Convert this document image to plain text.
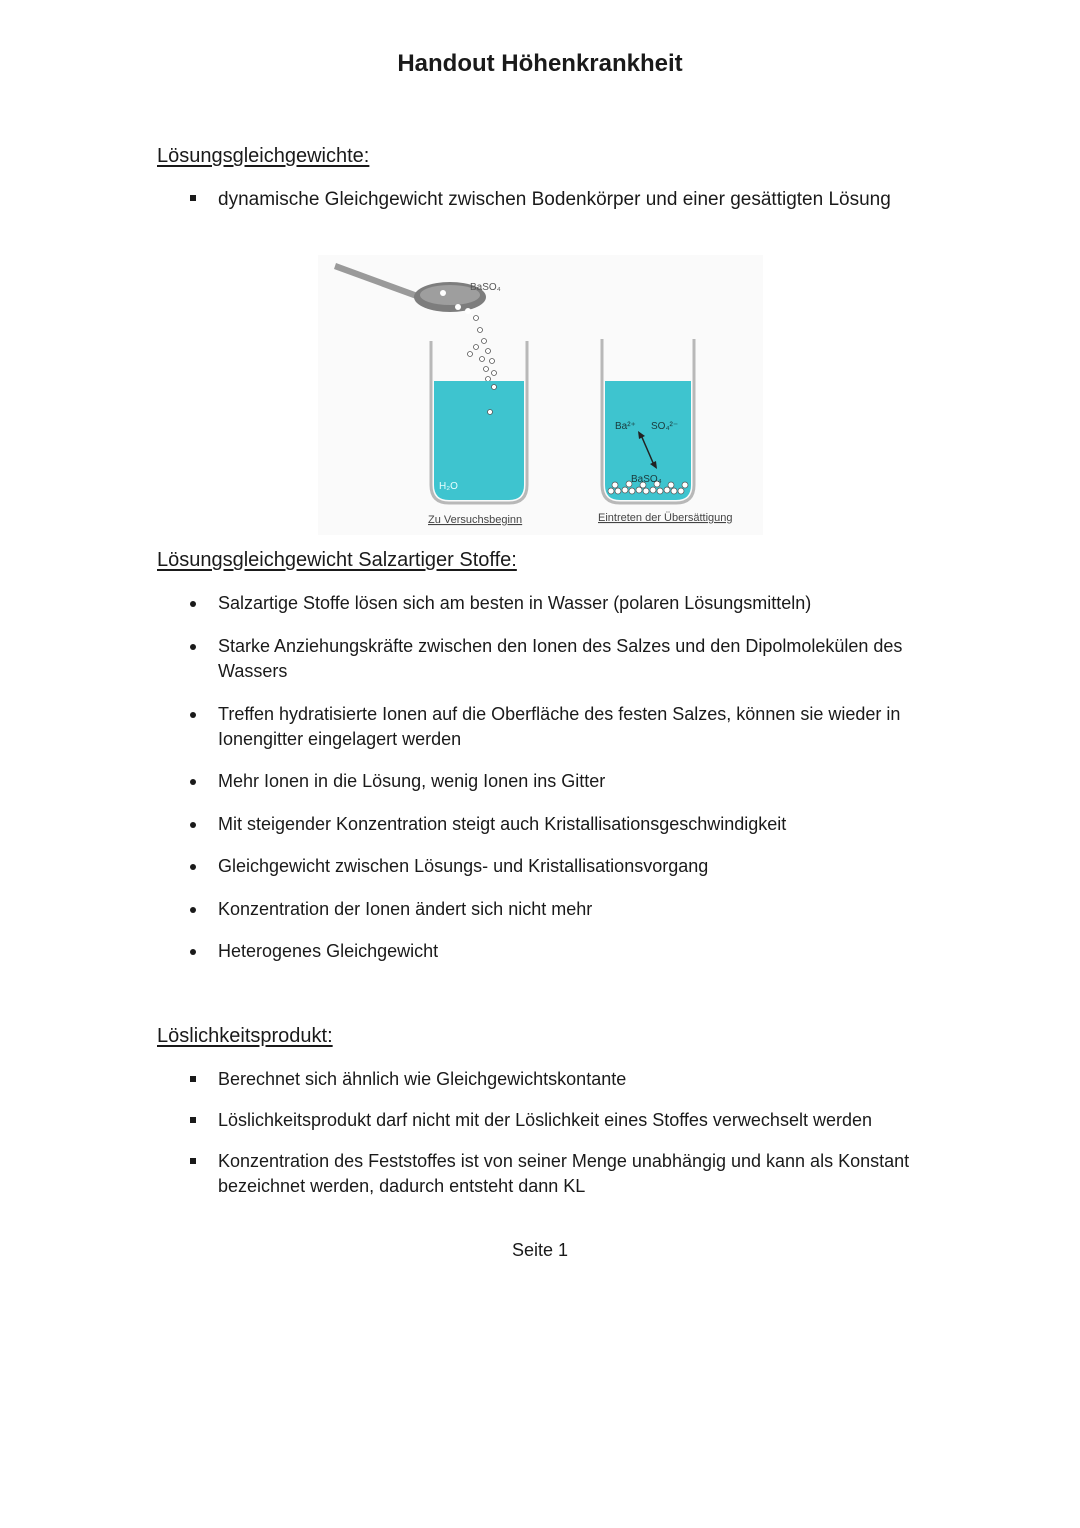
Handout Höhenkrankheit
Lösungsgleichgewichte:
dynamische Gleichgewicht zwischen Bodenkörper und einer gesättigten Lösung
BaSO₄
H₂O
Ba²⁺ SO₄²⁻
BaSO₄
Zu Versuchsbeginn	Eintreten der Übersättigung
Lösungsgleichgewicht Salzartiger Stoffe:
Salzartige Stoffe lösen sich am besten in Wasser (polaren Lösungsmitteln)
Starke Anziehungskräfte zwischen den Ionen des Salzes und den Dipolmolekülen des Wassers
Treffen hydratisierte Ionen auf die Oberfläche des festen Salzes, können sie wieder in Ionengitter eingelagert werden
Mehr Ionen in die Lösung, wenig Ionen ins Gitter
Mit steigender Konzentration steigt auch Kristallisationsgeschwindigkeit
Gleichgewicht zwischen Lösungs- und Kristallisationsvorgang
Konzentration der Ionen ändert sich nicht mehr
Heterogenes Gleichgewicht
Löslichkeitsprodukt:
Berechnet sich ähnlich wie Gleichgewichtskontante
Löslichkeitsprodukt darf nicht mit der Löslichkeit eines Stoffes verwechselt werden
Konzentration des Feststoffes ist von seiner Menge unabhängig und kann als Konstant bezeichnet werden, dadurch entsteht dann KL
Seite 1
